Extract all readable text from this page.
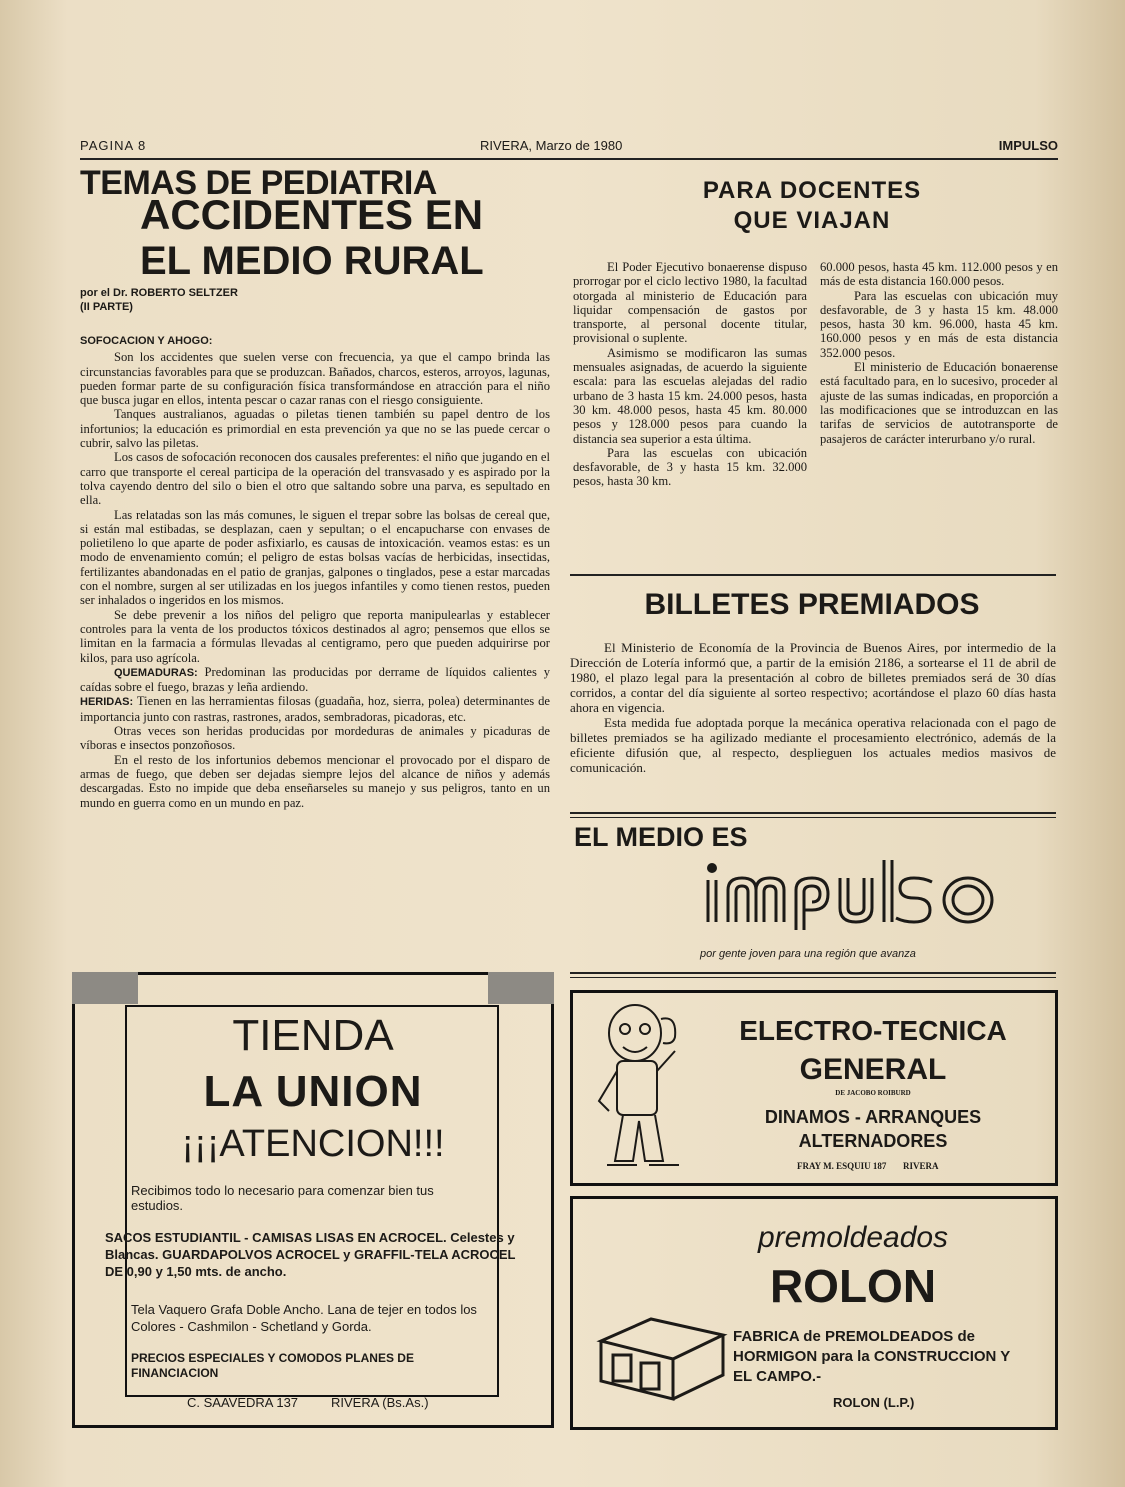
PAGINA 8	RIVERA, Marzo de 1980	IMPULSO
TEMAS DE PEDIATRIA
ACCIDENTES EN
EL MEDIO RURAL
por el Dr. ROBERTO SELTZER
(II PARTE)

SOFOCACION Y AHOGO:

Son los accidentes que suelen verse con frecuencia, ya que el campo brinda las circunstancias favorables para que se produzcan. Bañados, charcos, esteros, arroyos, lagunas, pueden formar parte de su configuración física transformándose en atracción para el niño que busca jugar en ellos, intenta pescar o cazar ranas con el riesgo consiguiente.

Tanques australianos, aguadas o piletas tienen también su papel dentro de los infortunios; la educación es primordial en esta prevención ya que no se las puede cercar o cubrir, salvo las piletas.

Los casos de sofocación reconocen dos causales preferentes: el niño que jugando en el carro que transporte el cereal participa de la operación del transvasado y es aspirado por la tolva cayendo dentro del silo o bien el otro que saltando sobre una parva, es sepultado en ella.

Las relatadas son las más comunes, le siguen el trepar sobre las bolsas de cereal que, si están mal estibadas, se desplazan, caen y sepultan; o el encapucharse con envases de polietileno lo que aparte de poder asfixiarlo, es causas de intoxicación. veamos estas: es un modo de envenamiento común; el peligro de estas bolsas vacías de herbicidas, insectidas, fertilizantes abandonadas en el patio de granjas, galpones o tinglados, pese a estar marcadas con el nombre, surgen al ser utilizadas en los juegos infantiles y como tienen restos, pueden ser inhalados o ingeridos en los mismos.

Se debe prevenir a los niños del peligro que reporta manipulearlas y establecer controles para la venta de los productos tóxicos destinados al agro; pensemos que ellos se limitan en la farmacia a fórmulas llevadas al centigramo, pero que pueden adquirirse por kilos, para uso agrícola.

QUEMADURAS: Predominan las producidas por derrame de líquidos calientes y caídas sobre el fuego, brazas y leña ardiendo.

HERIDAS: Tienen en las herramientas filosas (guadaña, hoz, sierra, polea) determinantes de importancia junto con rastras, rastrones, arados, sembradoras, picadoras, etc.

Otras veces son heridas producidas por mordeduras de animales y picaduras de víboras e insectos ponzoñosos.

En el resto de los infortunios debemos mencionar el provocado por el disparo de armas de fuego, que deben ser dejadas siempre lejos del alcance de niños y además descargadas. Esto no impide que deba enseñarseles su manejo y sus peligros, tanto en un mundo en guerra como en un mundo en paz.

PARA DOCENTES
QUE VIAJAN

El Poder Ejecutivo bonaerense dispuso prorrogar por el ciclo lectivo 1980, la facultad otorgada al ministerio de Educación para liquidar compensación de gastos por transporte, al personal docente titular, provisional o suplente.

Asimismo se modificaron las sumas mensuales asignadas, de acuerdo la siguiente escala: para las escuelas alejadas del radio urbano de 3 hasta 15 km. 24.000 pesos, hasta 30 km. 48.000 pesos, hasta 45 km. 80.000 pesos y 128.000 pesos para cuando la distancia sea superior a esta última.

Para las escuelas con ubicación desfavorable, de 3 y hasta 15 km. 32.000 pesos, hasta 30 km.

60.000 pesos, hasta 45 km. 112.000 pesos y en más de esta distancia 160.000 pesos.

Para las escuelas con ubicación muy desfavorable, de 3 y hasta 15 km. 48.000 pesos, hasta 30 km. 96.000, hasta 45 km. 160.000 pesos y en más de esta distancia 352.000 pesos.

El ministerio de Educación bonaerense está facultado para, en lo sucesivo, proceder al ajuste de las sumas indicadas, en proporción a las modificaciones que se introduzcan en las tarifas de servicios de autotransporte de pasajeros de carácter interurbano y/o rural.

BILLETES PREMIADOS

El Ministerio de Economía de la Provincia de Buenos Aires, por intermedio de la Dirección de Lotería informó que, a partir de la emisión 2186, a sortearse el 11 de abril de 1980, el plazo legal para la presentación al cobro de billetes premiados será de 30 días corridos, a contar del día siguiente al sorteo respectivo; acortándose el plazo 60 días hasta ahora en vigencia.

Esta medida fue adoptada porque la mecánica operativa relacionada con el pago de billetes premiados se ha agilizado mediante el procesamiento electrónico, además de la eficiente difusión que, al respecto, desplieguen los actuales medios masivos de comunicación.

EL MEDIO ES
por gente joven para una región que avanza
TIENDA
LA UNION
¡¡¡ATENCION!!!
Recibimos todo lo necesario para comenzar bien tus estudios.
SACOS ESTUDIANTIL - CAMISAS LISAS EN ACROCEL. Celestes y Blancas. GUARDAPOLVOS ACROCEL y GRAFFIL-TELA ACROCEL DE 0,90 y 1,50 mts. de ancho.
Tela Vaquero Grafa Doble Ancho. Lana de tejer en todos los Colores - Cashmilon - Schetland y Gorda.
PRECIOS ESPECIALES Y COMODOS PLANES DE FINANCIACION
C. SAAVEDRA 137	RIVERA (Bs.As.)
ELECTRO-TECNICA
GENERAL
DE JACOBO ROIBURD
DINAMOS - ARRANQUES
ALTERNADORES
FRAY M. ESQUIU 187 RIVERA
premoldeados
ROLON
FABRICA de PREMOLDEADOS de HORMIGON para la CONSTRUCCION Y EL CAMPO.-
ROLON (L.P.)
